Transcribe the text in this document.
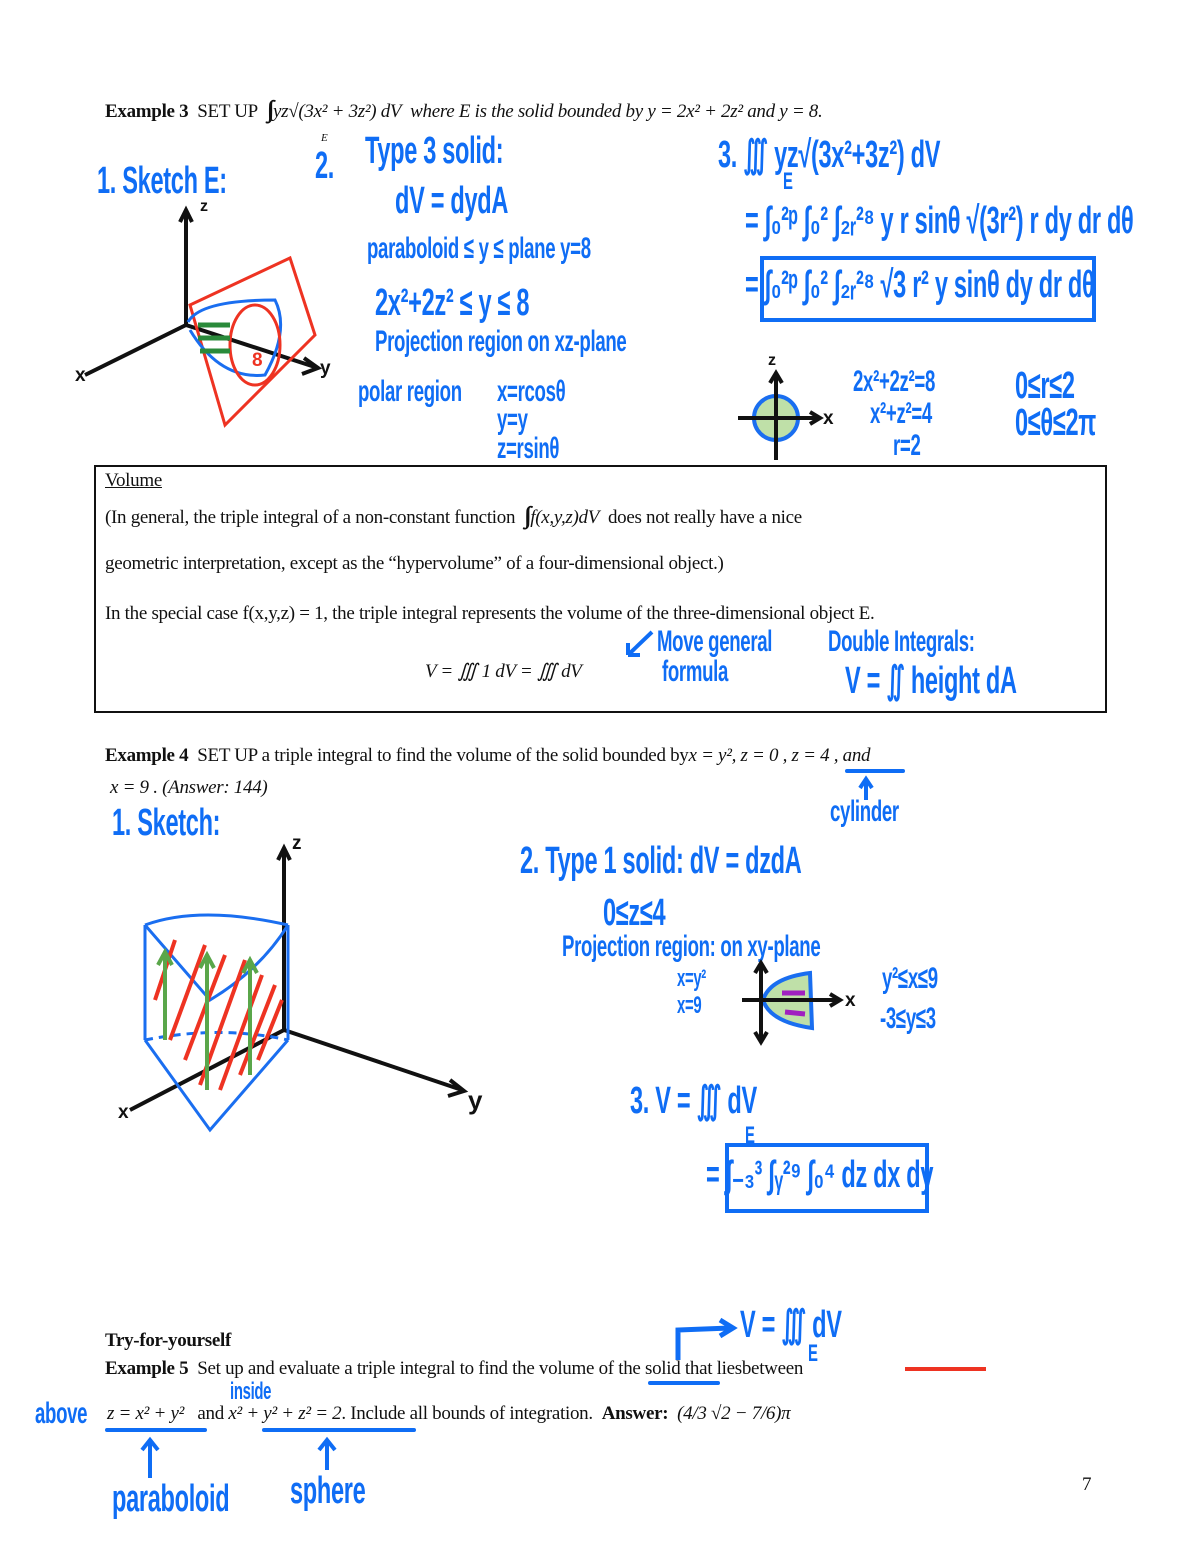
Example 3 SET UP ∫∫∫ yz√(3x² + 3z²) dV where E is the solid bounded by y = 2x² + 2z² and y = 8.
E
1. Sketch E: 2. Type 3 solid:
dV = dydA
paraboloid ≤ y ≤ plane y=8
2x²+2z² ≤ y ≤ 8
Projection region on xz-plane
polar region x=rcosθ
y=y
z=rsinθ
3. ∭ yz√(3x²+3z²) dV
E
= ∫₀²ᵖ ∫₀² ∫₂ᵣ²⁸ y r sinθ √(3r²) r dy dr dθ
= ∫₀²ᵖ ∫₀² ∫₂ᵣ²⁸ √3 r² y sinθ dy dr dθ
2x²+2z²=8
x²+z²=4
r=2
0≤r≤2
0≤θ≤2π
z
x	y
8	z
x
Volume
(In general, the triple integral of a non-constant function ∫∫∫ f(x,y,z)dV does not really have a nice
geometric interpretation, except as the “hypervolume” of a four-dimensional object.)
In the special case f(x,y,z) = 1, the triple integral represents the volume of the three-dimensional object E.
V = ∭ 1 dV = ∭ dV
Move general
formula
Double Integrals:
V = ∬ height dA
Example 4 SET UP a triple integral to find the volume of the solid bounded byx = y², z = 0 , z = 4 , and
x = 9 . (Answer: 144)
cylinder
1. Sketch:
2. Type 1 solid: dV = dzdA
0≤z≤4
Projection region: on xy-plane
x=y²
x=9
y²≤x≤9
-3≤y≤3
3. V = ∭ dV
E
= ∫₋₃³ ∫ᵧ²⁹ ∫₀⁴ dz dx dy
x
z
x	y
Try-for-yourself
Example 5 Set up and evaluate a triple integral to find the volume of the solid that liesbetween
z = x² + y² and x² + y² + z² = 2. Include all bounds of integration. Answer: (4/3 √2 − 7/6)π
V = ∭ dV
E
above
inside
paraboloid sphere	7
